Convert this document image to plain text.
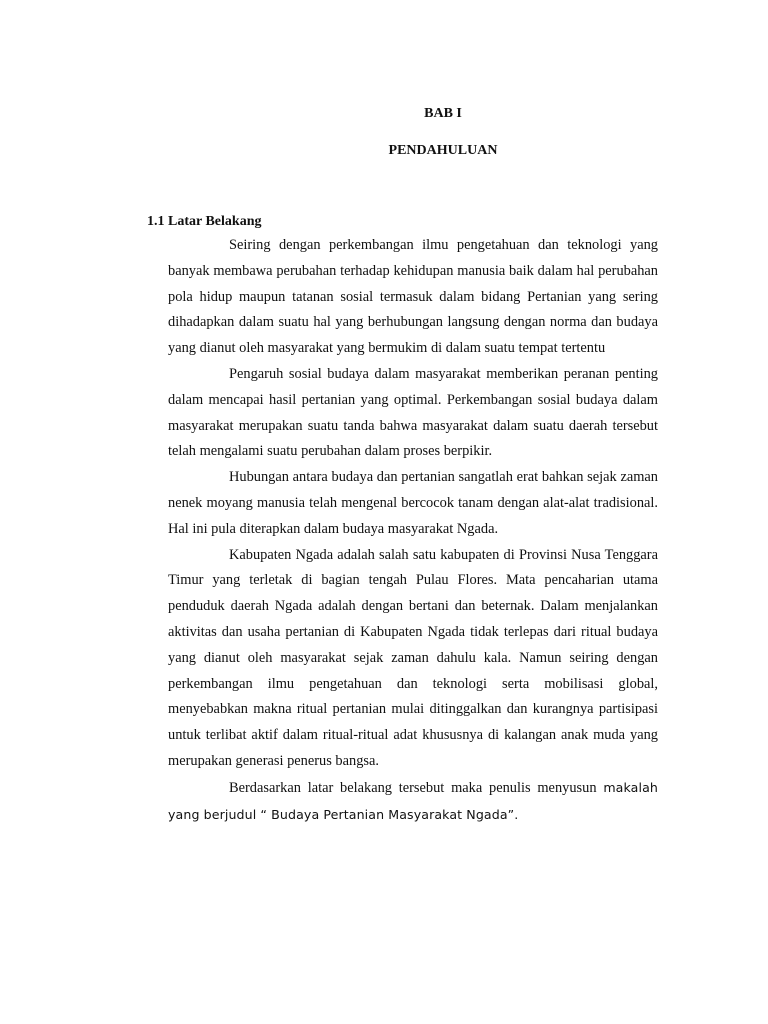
BAB I
PENDAHULUAN
1.1 Latar Belakang

Seiring dengan perkembangan ilmu pengetahuan dan teknologi yang banyak membawa perubahan terhadap kehidupan manusia baik dalam hal perubahan pola hidup maupun tatanan sosial termasuk dalam bidang Pertanian yang sering dihadapkan dalam suatu hal yang berhubungan langsung dengan norma dan budaya yang dianut oleh masyarakat yang bermukim di dalam suatu tempat tertentu

Pengaruh sosial budaya dalam masyarakat memberikan peranan penting dalam mencapai hasil pertanian yang optimal. Perkembangan sosial budaya dalam masyarakat merupakan suatu tanda bahwa masyarakat dalam suatu daerah tersebut telah mengalami suatu perubahan dalam proses berpikir.

Hubungan antara budaya dan pertanian sangatlah erat bahkan sejak zaman nenek moyang manusia telah mengenal bercocok tanam dengan alat-alat tradisional. Hal ini pula diterapkan dalam budaya masyarakat Ngada.

Kabupaten Ngada adalah salah satu kabupaten di Provinsi Nusa Tenggara Timur yang terletak di bagian tengah Pulau Flores. Mata pencaharian utama penduduk daerah Ngada adalah dengan bertani dan beternak. Dalam menjalankan aktivitas dan usaha pertanian di Kabupaten Ngada tidak terlepas dari ritual budaya yang dianut oleh masyarakat sejak zaman dahulu kala. Namun seiring dengan perkembangan ilmu pengetahuan dan teknologi serta mobilisasi global, menyebabkan makna ritual pertanian mulai ditinggalkan dan kurangnya partisipasi untuk terlibat aktif dalam ritual-ritual adat khususnya di kalangan anak muda yang merupakan generasi penerus bangsa.

Berdasarkan latar belakang tersebut maka penulis menyusun makalah yang berjudul “ Budaya Pertanian Masyarakat Ngada”.
